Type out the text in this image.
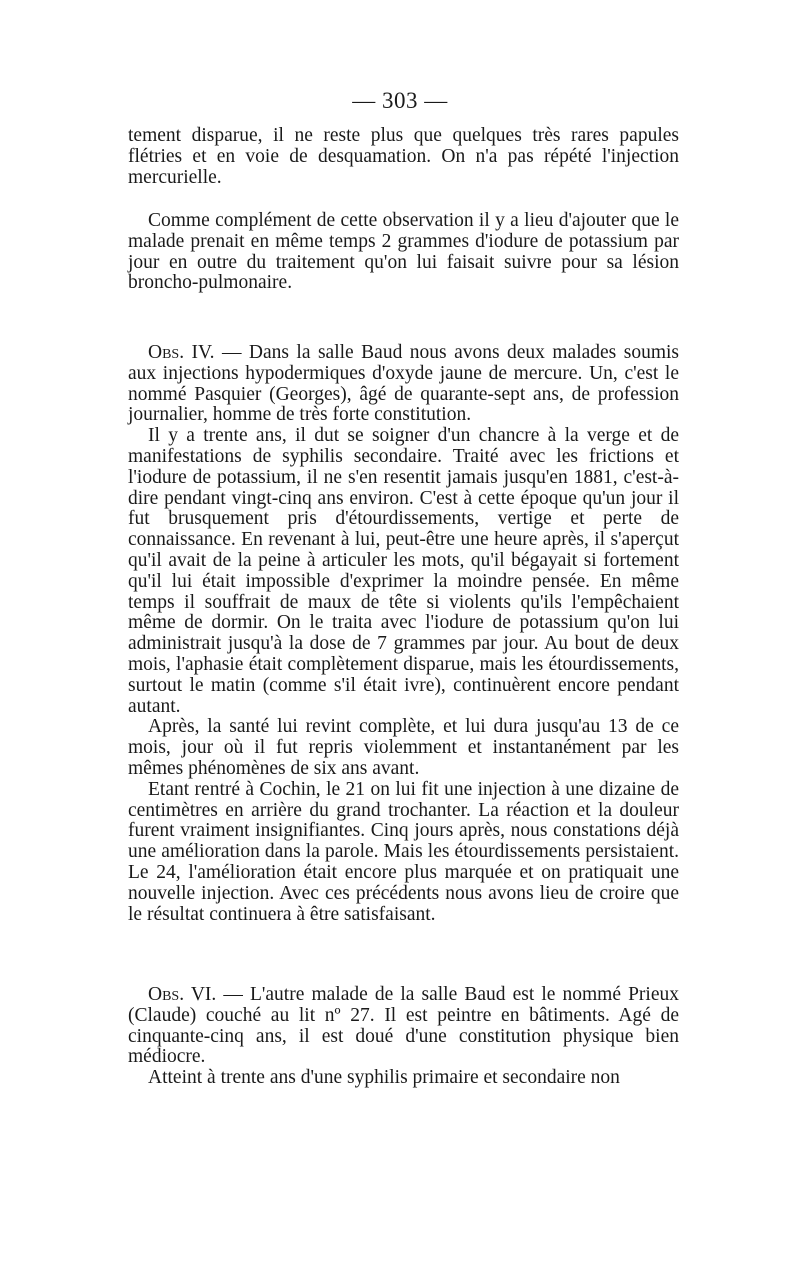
— 303 —

tement disparue, il ne reste plus que quelques très rares papules flétries et en voie de desquamation. On n'a pas répété l'injection mercurielle.

Comme complément de cette observation il y a lieu d'ajouter que le malade prenait en même temps 2 grammes d'iodure de potassium par jour en outre du traitement qu'on lui faisait suivre pour sa lésion broncho-pulmonaire.

Obs. IV. — Dans la salle Baud nous avons deux malades soumis aux injections hypodermiques d'oxyde jaune de mercure. Un, c'est le nommé Pasquier (Georges), âgé de quarante-sept ans, de profession journalier, homme de très forte constitution.

Il y a trente ans, il dut se soigner d'un chancre à la verge et de manifestations de syphilis secondaire. Traité avec les frictions et l'iodure de potassium, il ne s'en resentit jamais jusqu'en 1881, c'est-à-dire pendant vingt-cinq ans environ. C'est à cette époque qu'un jour il fut brusquement pris d'étourdissements, vertige et perte de connaissance. En revenant à lui, peut-être une heure après, il s'aperçut qu'il avait de la peine à articuler les mots, qu'il bégayait si fortement qu'il lui était impossible d'exprimer la moindre pensée. En même temps il souffrait de maux de tête si violents qu'ils l'empêchaient même de dormir. On le traita avec l'iodure de potassium qu'on lui administrait jusqu'à la dose de 7 grammes par jour. Au bout de deux mois, l'aphasie était complètement disparue, mais les étourdissements, surtout le matin (comme s'il était ivre), continuèrent encore pendant autant.

Après, la santé lui revint complète, et lui dura jusqu'au 13 de ce mois, jour où il fut repris violemment et instantanément par les mêmes phénomènes de six ans avant.

Etant rentré à Cochin, le 21 on lui fit une injection à une dizaine de centimètres en arrière du grand trochanter. La réaction et la douleur furent vraiment insignifiantes. Cinq jours après, nous constations déjà une amélioration dans la parole. Mais les étourdissements persistaient. Le 24, l'amélioration était encore plus marquée et on pratiquait une nouvelle injection. Avec ces précédents nous avons lieu de croire que le résultat continuera à être satisfaisant.

Obs. VI. — L'autre malade de la salle Baud est le nommé Prieux (Claude) couché au lit nº 27. Il est peintre en bâtiments. Agé de cinquante-cinq ans, il est doué d'une constitution physique bien médiocre.

Atteint à trente ans d'une syphilis primaire et secondaire non
